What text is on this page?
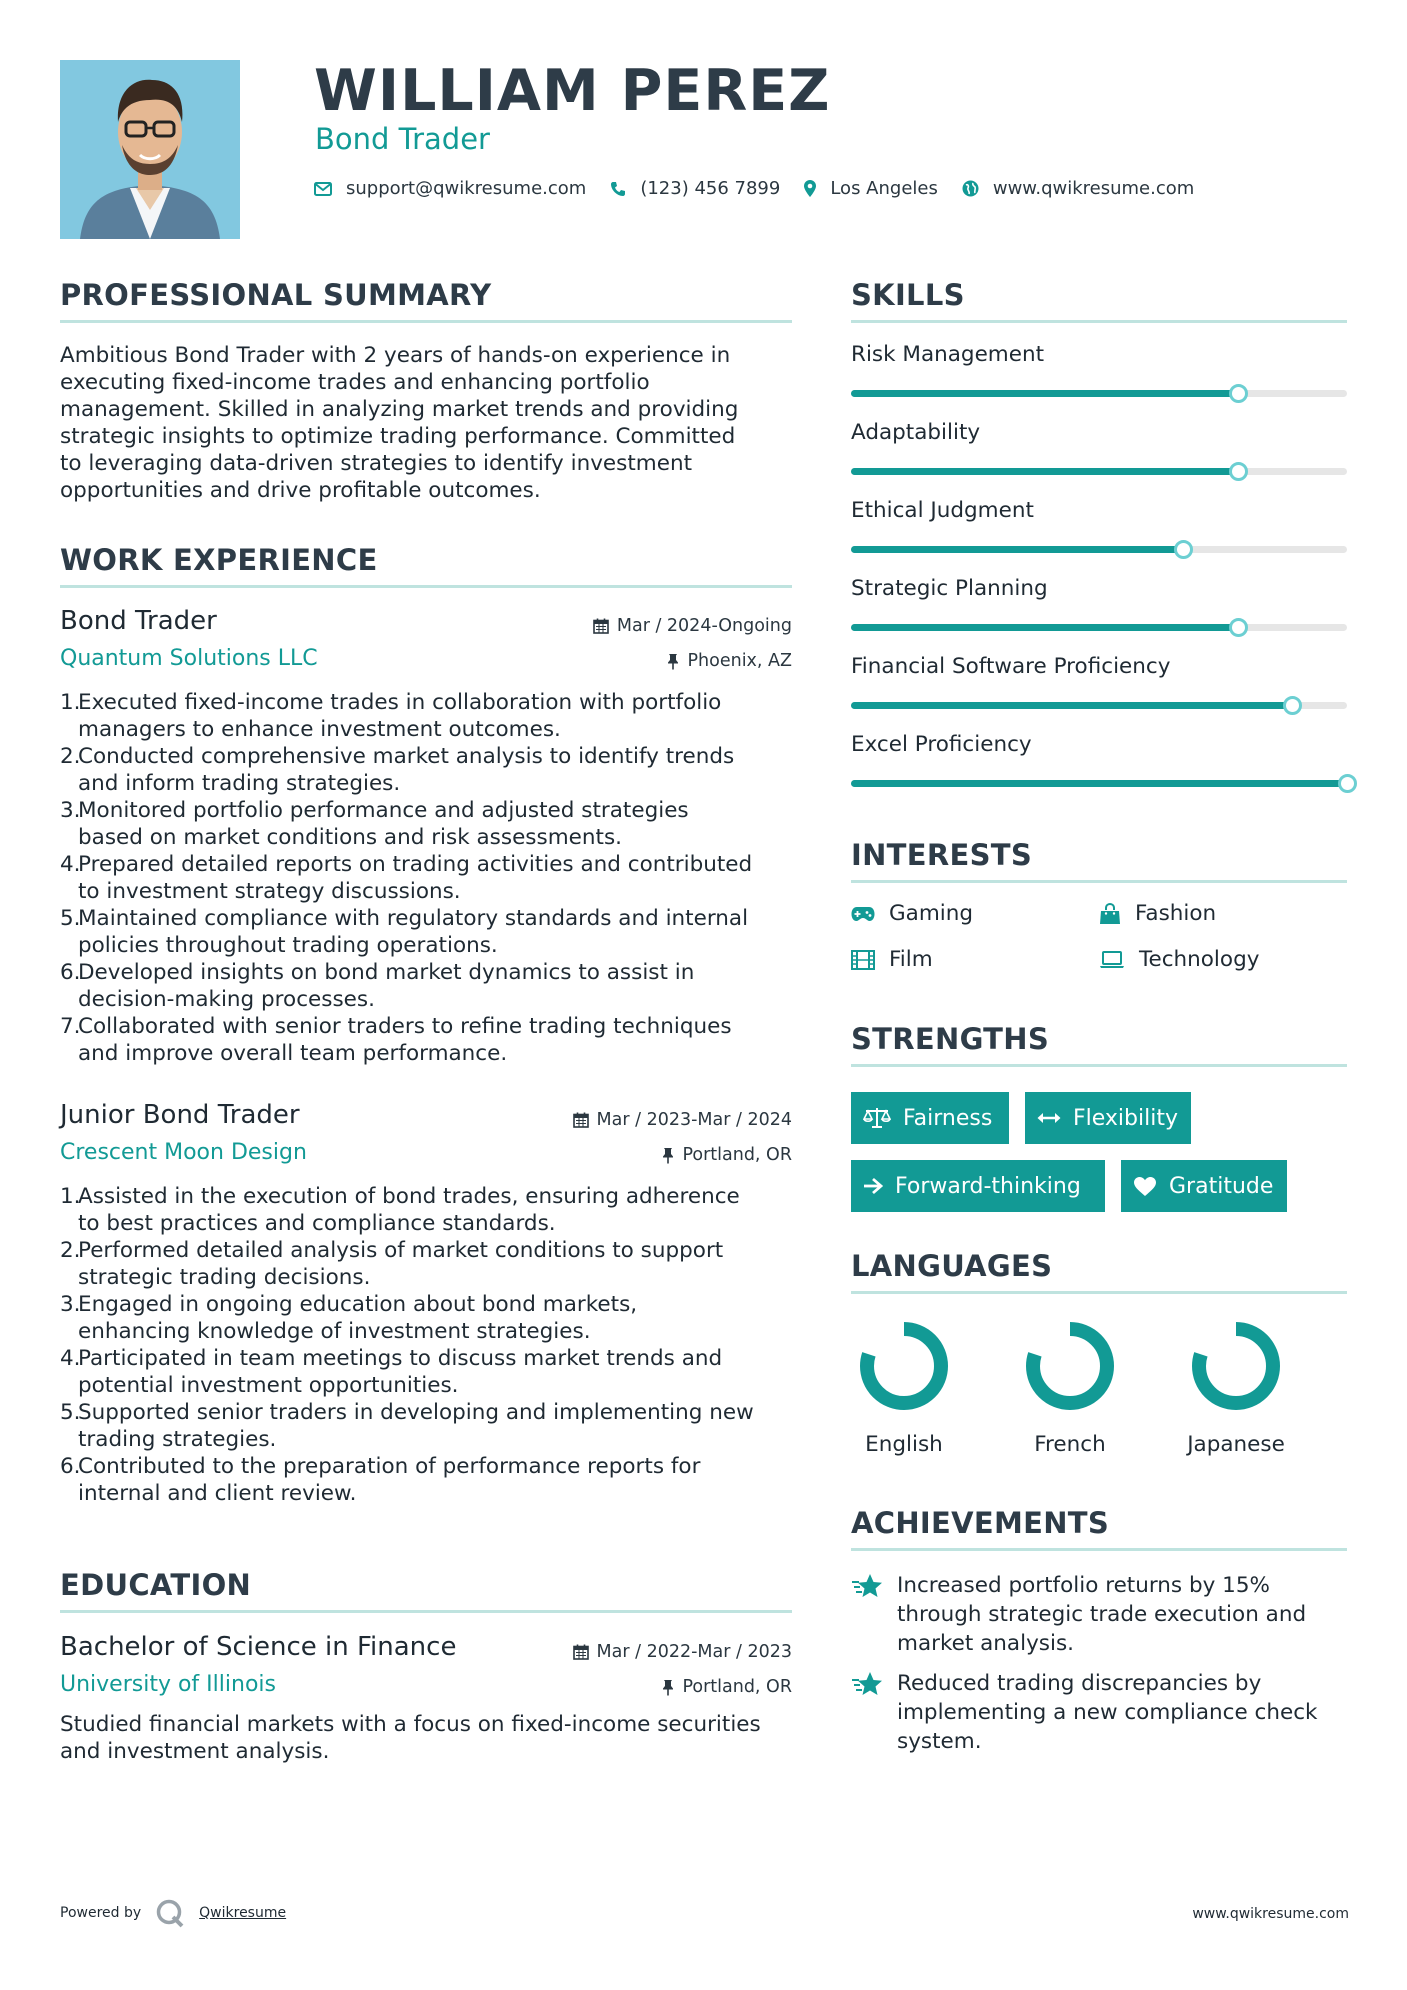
WILLIAM PEREZ
Bond Trader
support@qwikresume.com	(123) 456 7899	Los Angeles	www.qwikresume.com
PROFESSIONAL SUMMARY
Ambitious Bond Trader with 2 years of hands-on experience in
executing fixed-income trades and enhancing portfolio
management. Skilled in analyzing market trends and providing
strategic insights to optimize trading performance. Committed
to leveraging data-driven strategies to identify investment
opportunities and drive profitable outcomes.
WORK EXPERIENCE
Bond Trader	Mar / 2024-Ongoing
Quantum Solutions LLC	Phoenix, AZ
1.
Executed fixed-income trades in collaboration with portfolio
managers to enhance investment outcomes.
2.
Conducted comprehensive market analysis to identify trends
and inform trading strategies.
3.
Monitored portfolio performance and adjusted strategies
based on market conditions and risk assessments.
4.
Prepared detailed reports on trading activities and contributed
to investment strategy discussions.
5.
Maintained compliance with regulatory standards and internal
policies throughout trading operations.
6.
Developed insights on bond market dynamics to assist in
decision-making processes.
7.
Collaborated with senior traders to refine trading techniques
and improve overall team performance.
Junior Bond Trader	Mar / 2023-Mar / 2024
Crescent Moon Design	Portland, OR
1.
Assisted in the execution of bond trades, ensuring adherence
to best practices and compliance standards.
2.
Performed detailed analysis of market conditions to support
strategic trading decisions.
3.
Engaged in ongoing education about bond markets,
enhancing knowledge of investment strategies.
4.
Participated in team meetings to discuss market trends and
potential investment opportunities.
5.
Supported senior traders in developing and implementing new
trading strategies.
6.
Contributed to the preparation of performance reports for
internal and client review.
EDUCATION
Bachelor of Science in Finance	Mar / 2022-Mar / 2023
University of Illinois	Portland, OR
Studied financial markets with a focus on fixed-income securities
and investment analysis.
SKILLS
Risk Management
Adaptability
Ethical Judgment
Strategic Planning
Financial Software Proficiency
Excel Proficiency
INTERESTS
Gaming	Fashion
Film	Technology
STRENGTHS
Fairness	Flexibility
Forward-thinking	Gratitude
LANGUAGES
English	French	Japanese
ACHIEVEMENTS
Increased portfolio returns by 15%
through strategic trade execution and
market analysis.
Reduced trading discrepancies by
implementing a new compliance check
system.
Powered by	Qwikresume	www.qwikresume.com
